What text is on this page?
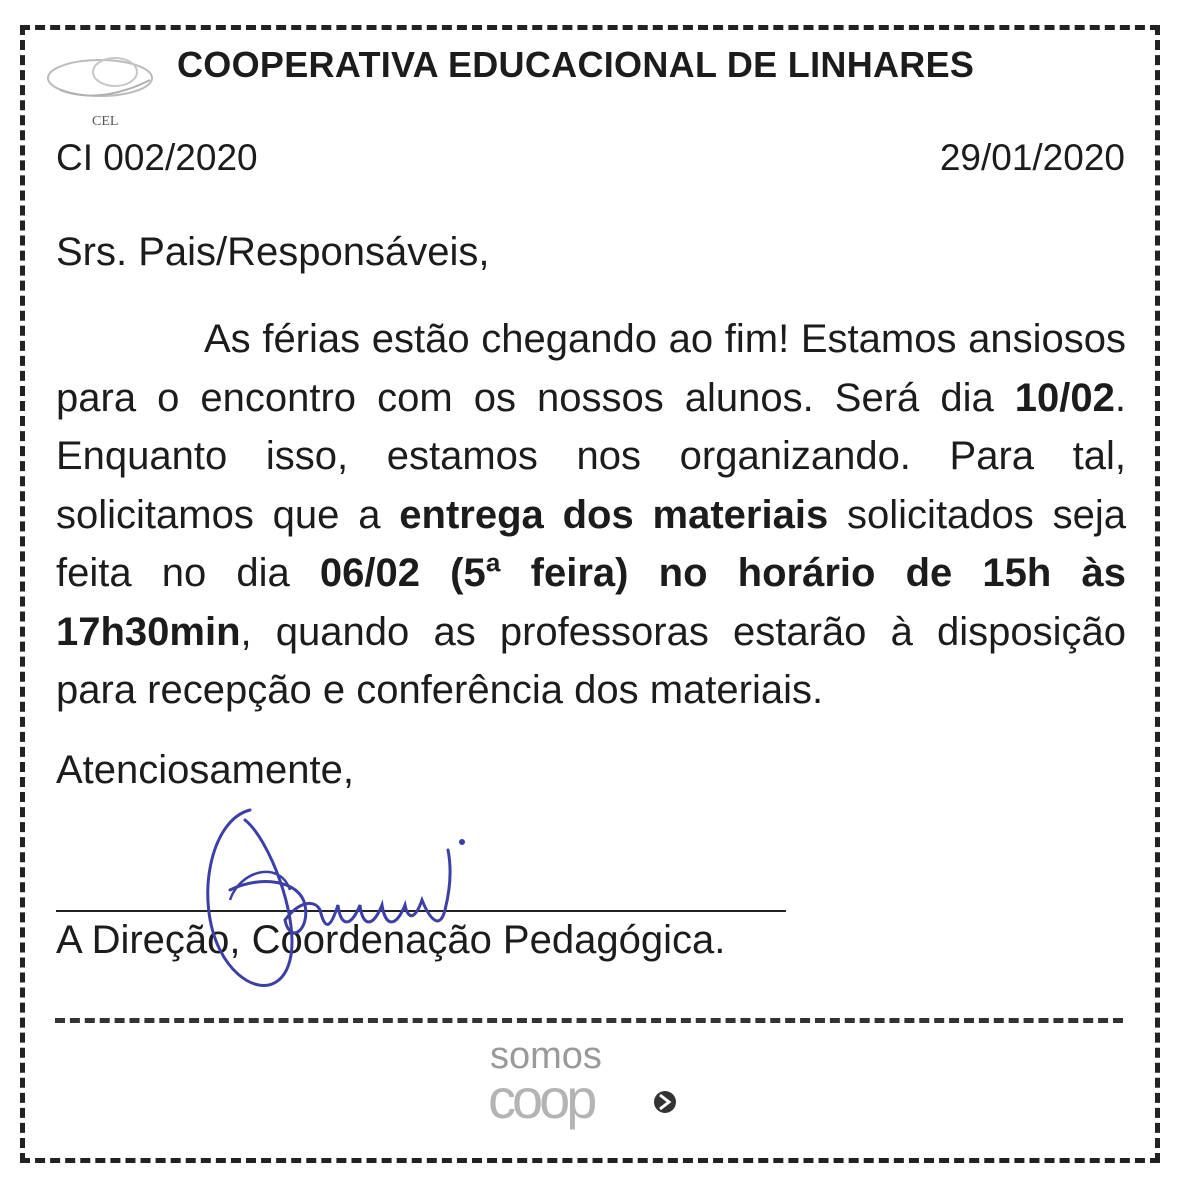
CEL
COOPERATIVA EDUCACIONAL DE LINHARES
CI 002/2020	29/01/2020
Srs. Pais/Responsáveis,
As férias estão chegando ao fim! Estamos ansiosos para o encontro com os nossos alunos. Será dia 10/02. Enquanto isso, estamos nos organizando. Para tal, solicitamos que a entrega dos materiais solicitados seja feita no dia 06/02 (5ª feira) no horário de 15h às 17h30min, quando as professoras estarão à disposição para recepção e conferência dos materiais.
Atenciosamente,
A Direção, Coordenação Pedagógica.
somos
coop
